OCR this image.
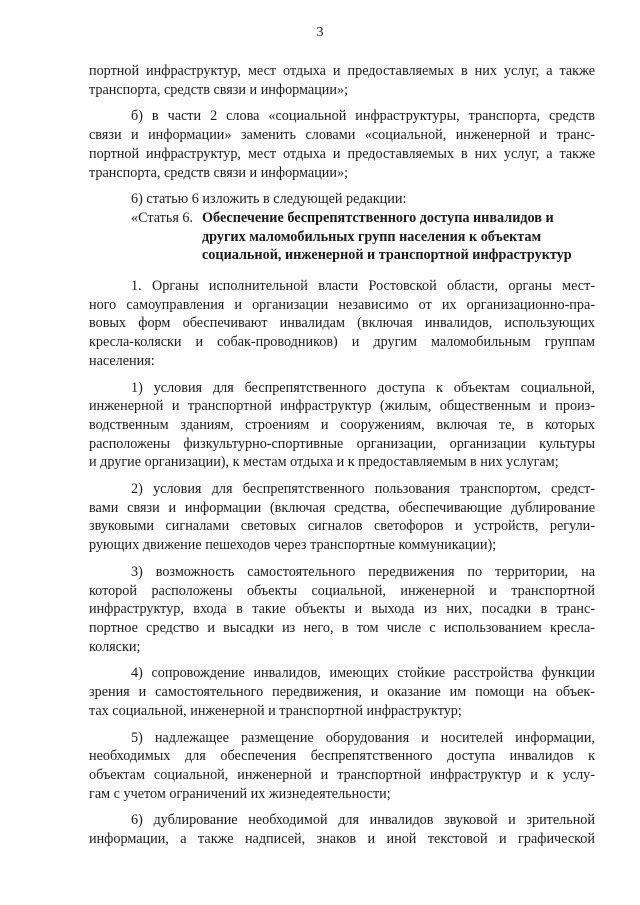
3

портной инфраструктур, мест отдыха и предоставляемых в них услуг, а также
транспорта, средств связи и информации»;

б) в части 2 слова «социальной инфраструктуры, транспорта, средств
связи и информации» заменить словами «социальной, инженерной и транс-
портной инфраструктур, мест отдыха и предоставляемых в них услуг, а также
транспорта, средств связи и информации»;

6) статью 6 изложить в следующей редакции:

«Статья 6. Обеспечение беспрепятственного доступа инвалидов и
других маломобильных групп населения к объектам
социальной, инженерной и транспортной инфраструктур

1. Органы исполнительной власти Ростовской области, органы мест-
ного самоуправления и организации независимо от их организационно-пра-
вовых форм обеспечивают инвалидам (включая инвалидов, использующих
кресла-коляски и собак-проводников) и другим маломобильным группам
населения:

1) условия для беспрепятственного доступа к объектам социальной,
инженерной и транспортной инфраструктур (жилым, общественным и произ-
водственным зданиям, строениям и сооружениям, включая те, в которых
расположены физкультурно-спортивные организации, организации культуры
и другие организации), к местам отдыха и к предоставляемым в них услугам;

2) условия для беспрепятственного пользования транспортом, средст-
вами связи и информации (включая средства, обеспечивающие дублирование
звуковыми сигналами световых сигналов светофоров и устройств, регули-
рующих движение пешеходов через транспортные коммуникации);

3) возможность самостоятельного передвижения по территории, на
которой расположены объекты социальной, инженерной и транспортной
инфраструктур, входа в такие объекты и выхода из них, посадки в транс-
портное средство и высадки из него, в том числе с использованием кресла-
коляски;

4) сопровождение инвалидов, имеющих стойкие расстройства функции
зрения и самостоятельного передвижения, и оказание им помощи на объек-
тах социальной, инженерной и транспортной инфраструктур;

5) надлежащее размещение оборудования и носителей информации,
необходимых для обеспечения беспрепятственного доступа инвалидов к
объектам социальной, инженерной и транспортной инфраструктур и к услу-
гам с учетом ограничений их жизнедеятельности;

6) дублирование необходимой для инвалидов звуковой и зрительной
информации, а также надписей, знаков и иной текстовой и графической
